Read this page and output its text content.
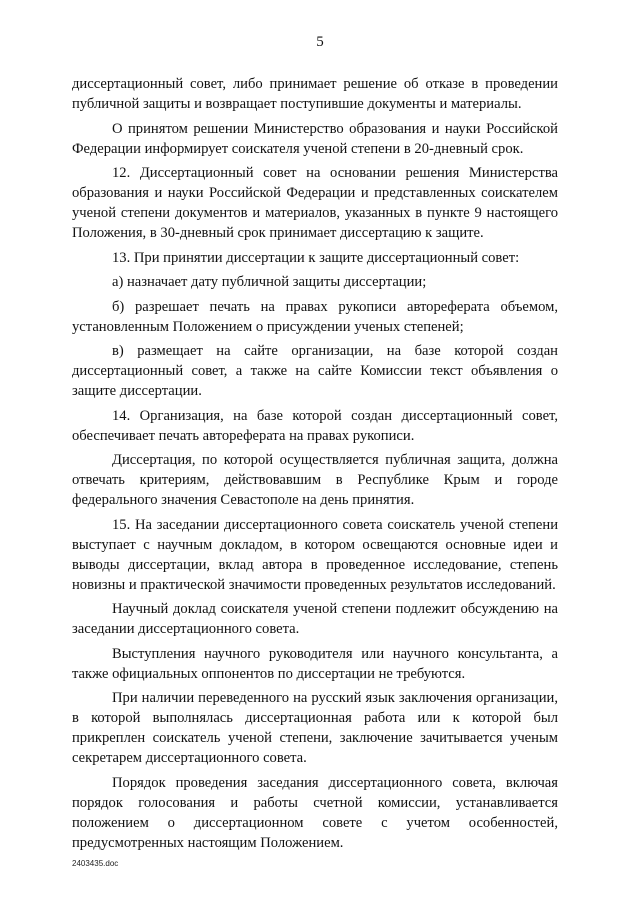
5

диссертационный совет, либо принимает решение об отказе в проведении публичной защиты и возвращает поступившие документы и материалы.

О принятом решении Министерство образования и науки Российской Федерации информирует соискателя ученой степени в 20-дневный срок.

12. Диссертационный совет на основании решения Министерства образования и науки Российской Федерации и представленных соискателем ученой степени документов и материалов, указанных в пункте 9 настоящего Положения, в 30-дневный срок принимает диссертацию к защите.

13. При принятии диссертации к защите диссертационный совет:

а) назначает дату публичной защиты диссертации;

б) разрешает печать на правах рукописи автореферата объемом, установленным Положением о присуждении ученых степеней;

в) размещает на сайте организации, на базе которой создан диссертационный совет, а также на сайте Комиссии текст объявления о защите диссертации.

14. Организация, на базе которой создан диссертационный совет, обеспечивает печать автореферата на правах рукописи.

Диссертация, по которой осуществляется публичная защита, должна отвечать критериям, действовавшим в Республике Крым и городе федерального значения Севастополе на день принятия.

15. На заседании диссертационного совета соискатель ученой степени выступает с научным докладом, в котором освещаются основные идеи и выводы диссертации, вклад автора в проведенное исследование, степень новизны и практической значимости проведенных результатов исследований.

Научный доклад соискателя ученой степени подлежит обсуждению на заседании диссертационного совета.

Выступления научного руководителя или научного консультанта, а также официальных оппонентов по диссертации не требуются.

При наличии переведенного на русский язык заключения организации, в которой выполнялась диссертационная работа или к которой был прикреплен соискатель ученой степени, заключение зачитывается ученым секретарем диссертационного совета.

Порядок проведения заседания диссертационного совета, включая порядок голосования и работы счетной комиссии, устанавливается положением о диссертационном совете с учетом особенностей, предусмотренных настоящим Положением.

2403435.doc
